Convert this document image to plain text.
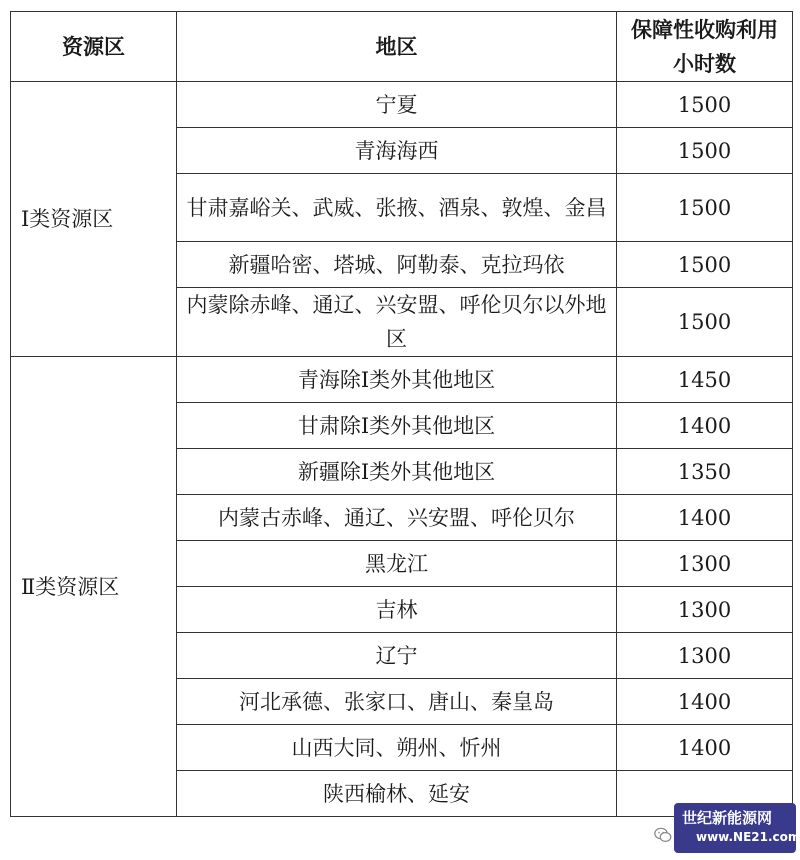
资源区	地区	保障性收购利用小时数
Ⅰ类资源区	宁夏	1500
	青海海西	1500
	甘肃嘉峪关、武威、张掖、酒泉、敦煌、金昌	1500
	新疆哈密、塔城、阿勒泰、克拉玛依	1500
	内蒙除赤峰、通辽、兴安盟、呼伦贝尔以外地区	1500
Ⅱ类资源区	青海除Ⅰ类外其他地区	1450
	甘肃除Ⅰ类外其他地区	1400
	新疆除Ⅰ类外其他地区	1350
	内蒙古赤峰、通辽、兴安盟、呼伦贝尔	1400
	黑龙江	1300
	吉林	1300
	辽宁	1300
	河北承德、张家口、唐山、秦皇岛	1400
	山西大同、朔州、忻州	1400
	陕西榆林、延安	
世纪新能源网
www.NE21.com
